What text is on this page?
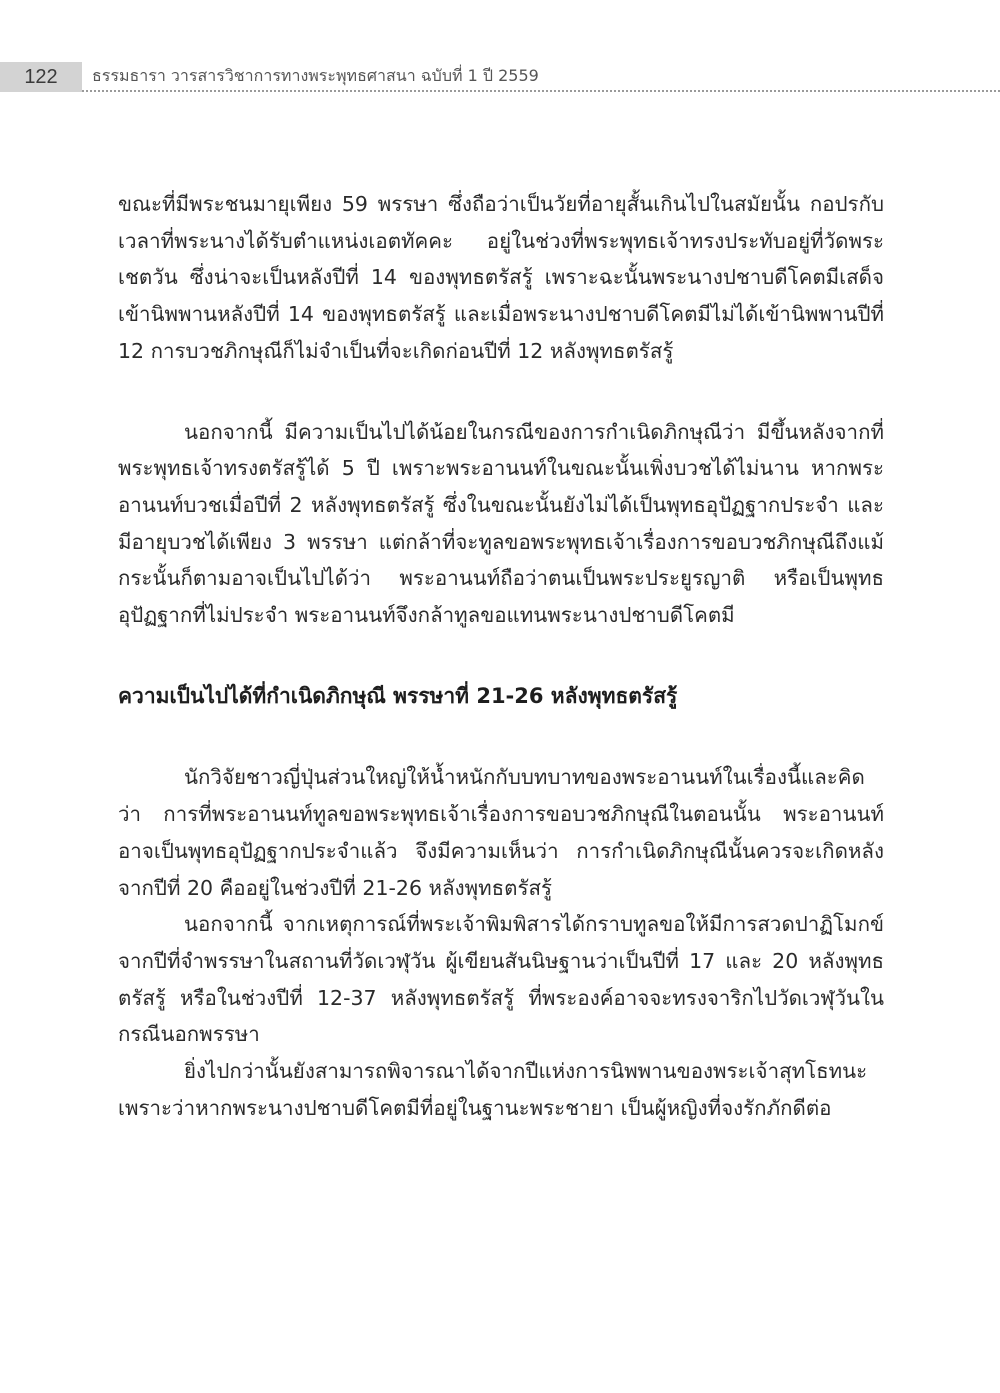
122	ธรรมธารา วารสารวิชาการทางพระพุทธศาสนา ฉบับที่ 1 ปี 2559

ขณะที่มีพระชนมายุเพียง 59 พรรษา ซึ่งถือว่าเป็นวัยที่อายุสั้นเกินไปในสมัยนั้น กอปรกับเวลาที่พระนางได้รับตำแหน่งเอตทัคคะ อยู่ในช่วงที่พระพุทธเจ้าทรงประทับอยู่ที่วัดพระเชตวัน ซึ่งน่าจะเป็นหลังปีที่ 14 ของพุทธตรัสรู้ เพราะฉะนั้นพระนางปชาบดีโคตมีเสด็จเข้านิพพานหลังปีที่ 14 ของพุทธตรัสรู้ และเมื่อพระนางปชาบดีโคตมีไม่ได้เข้านิพพานปีที่ 12 การบวชภิกษุณีก็ไม่จำเป็นที่จะเกิดก่อนปีที่ 12 หลังพุทธตรัสรู้

นอกจากนี้ มีความเป็นไปได้น้อยในกรณีของการกำเนิดภิกษุณีว่า มีขึ้นหลังจากที่พระพุทธเจ้าทรงตรัสรู้ได้ 5 ปี เพราะพระอานนท์ในขณะนั้นเพิ่งบวชได้ไม่นาน หากพระอานนท์บวชเมื่อปีที่ 2 หลังพุทธตรัสรู้ ซึ่งในขณะนั้นยังไม่ได้เป็นพุทธอุปัฏฐากประจำ และมีอายุบวชได้เพียง 3 พรรษา แต่กล้าที่จะทูลขอพระพุทธเจ้าเรื่องการขอบวชภิกษุณีถึงแม้กระนั้นก็ตามอาจเป็นไปได้ว่า พระอานนท์ถือว่าตนเป็นพระประยูรญาติ หรือเป็นพุทธอุปัฏฐากที่ไม่ประจำ พระอานนท์จึงกล้าทูลขอแทนพระนางปชาบดีโคตมี

ความเป็นไปได้ที่กำเนิดภิกษุณี พรรษาที่ 21-26 หลังพุทธตรัสรู้

นักวิจัยชาวญี่ปุ่นส่วนใหญ่ให้น้ำหนักกับบทบาทของพระอานนท์ในเรื่องนี้และคิดว่า การที่พระอานนท์ทูลขอพระพุทธเจ้าเรื่องการขอบวชภิกษุณีในตอนนั้น พระอานนท์อาจเป็นพุทธอุปัฏฐากประจำแล้ว จึงมีความเห็นว่า การกำเนิดภิกษุณีนั้นควรจะเกิดหลังจากปีที่ 20 คืออยู่ในช่วงปีที่ 21-26 หลังพุทธตรัสรู้

นอกจากนี้ จากเหตุการณ์ที่พระเจ้าพิมพิสารได้กราบทูลขอให้มีการสวดปาฏิโมกข์ จากปีที่จำพรรษาในสถานที่วัดเวฬุวัน ผู้เขียนสันนิษฐานว่าเป็นปีที่ 17 และ 20 หลังพุทธตรัสรู้ หรือในช่วงปีที่ 12-37 หลังพุทธตรัสรู้ ที่พระองค์อาจจะทรงจาริกไปวัดเวฬุวันในกรณีนอกพรรษา

ยิ่งไปกว่านั้นยังสามารถพิจารณาได้จากปีแห่งการนิพพานของพระเจ้าสุทโธทนะเพราะว่าหากพระนางปชาบดีโคตมีที่อยู่ในฐานะพระชายา เป็นผู้หญิงที่จงรักภักดีต่อ
